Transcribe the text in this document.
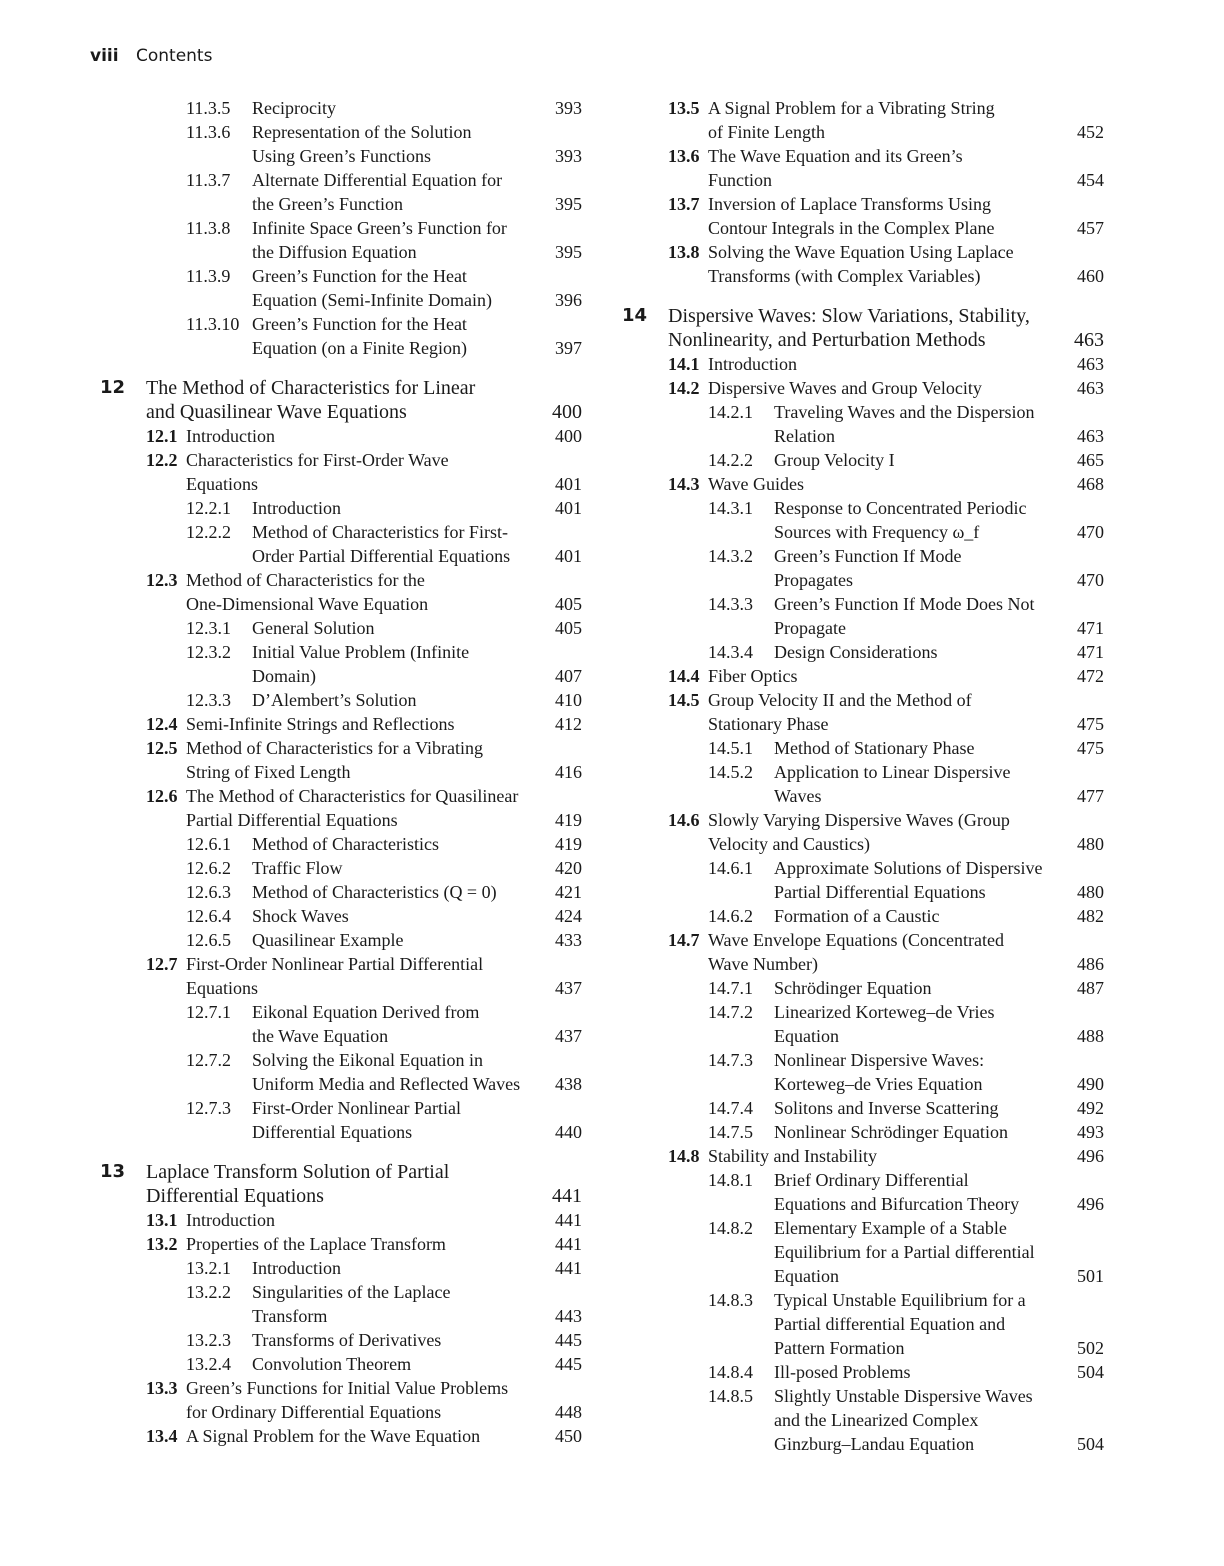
viii Contents
11.3.5 Reciprocity	393
11.3.6 Representation of the Solution
Using Green’s Functions	393
11.3.7 Alternate Differential Equation for
the Green’s Function	395
11.3.8 Infinite Space Green’s Function for
the Diffusion Equation	395
11.3.9 Green’s Function for the Heat
Equation (Semi-Infinite Domain)	396
11.3.10 Green’s Function for the Heat
Equation (on a Finite Region)	397
12 The Method of Characteristics for Linear
and Quasilinear Wave Equations	400
12.1 Introduction	400
12.2 Characteristics for First-Order Wave
Equations	401
12.2.1 Introduction	401
12.2.2 Method of Characteristics for First-
Order Partial Differential Equations	401
12.3 Method of Characteristics for the
One-Dimensional Wave Equation	405
12.3.1 General Solution	405
12.3.2 Initial Value Problem (Infinite
Domain)	407
12.3.3 D’Alembert’s Solution	410
12.4 Semi-Infinite Strings and Reflections	412
12.5 Method of Characteristics for a Vibrating
String of Fixed Length	416
12.6 The Method of Characteristics for Quasilinear
Partial Differential Equations	419
12.6.1 Method of Characteristics	419
12.6.2 Traffic Flow	420
12.6.3 Method of Characteristics (Q = 0)	421
12.6.4 Shock Waves	424
12.6.5 Quasilinear Example	433
12.7 First-Order Nonlinear Partial Differential
Equations	437
12.7.1 Eikonal Equation Derived from
the Wave Equation	437
12.7.2 Solving the Eikonal Equation in
Uniform Media and Reflected Waves	438
12.7.3 First-Order Nonlinear Partial
Differential Equations	440
13 Laplace Transform Solution of Partial
Differential Equations	441
13.1 Introduction	441
13.2 Properties of the Laplace Transform	441
13.2.1 Introduction	441
13.2.2 Singularities of the Laplace
Transform	443
13.2.3 Transforms of Derivatives	445
13.2.4 Convolution Theorem	445
13.3 Green’s Functions for Initial Value Problems
for Ordinary Differential Equations	448
13.4 A Signal Problem for the Wave Equation	450
13.5 A Signal Problem for a Vibrating String
of Finite Length	452
13.6 The Wave Equation and its Green’s
Function	454
13.7 Inversion of Laplace Transforms Using
Contour Integrals in the Complex Plane	457
13.8 Solving the Wave Equation Using Laplace
Transforms (with Complex Variables)	460
14 Dispersive Waves: Slow Variations, Stability,
Nonlinearity, and Perturbation Methods	463
14.1 Introduction	463
14.2 Dispersive Waves and Group Velocity	463
14.2.1 Traveling Waves and the Dispersion
Relation	463
14.2.2 Group Velocity I	465
14.3 Wave Guides	468
14.3.1 Response to Concentrated Periodic
Sources with Frequency ω_f	470
14.3.2 Green’s Function If Mode
Propagates	470
14.3.3 Green’s Function If Mode Does Not
Propagate	471
14.3.4 Design Considerations	471
14.4 Fiber Optics	472
14.5 Group Velocity II and the Method of
Stationary Phase	475
14.5.1 Method of Stationary Phase	475
14.5.2 Application to Linear Dispersive
Waves	477
14.6 Slowly Varying Dispersive Waves (Group
Velocity and Caustics)	480
14.6.1 Approximate Solutions of Dispersive
Partial Differential Equations	480
14.6.2 Formation of a Caustic	482
14.7 Wave Envelope Equations (Concentrated
Wave Number)	486
14.7.1 Schrödinger Equation	487
14.7.2 Linearized Korteweg–de Vries
Equation	488
14.7.3 Nonlinear Dispersive Waves:
Korteweg–de Vries Equation	490
14.7.4 Solitons and Inverse Scattering	492
14.7.5 Nonlinear Schrödinger Equation	493
14.8 Stability and Instability	496
14.8.1 Brief Ordinary Differential
Equations and Bifurcation Theory	496
14.8.2 Elementary Example of a Stable
Equilibrium for a Partial differential
Equation	501
14.8.3 Typical Unstable Equilibrium for a
Partial differential Equation and
Pattern Formation	502
14.8.4 Ill-posed Problems	504
14.8.5 Slightly Unstable Dispersive Waves
and the Linearized Complex
Ginzburg–Landau Equation	504
